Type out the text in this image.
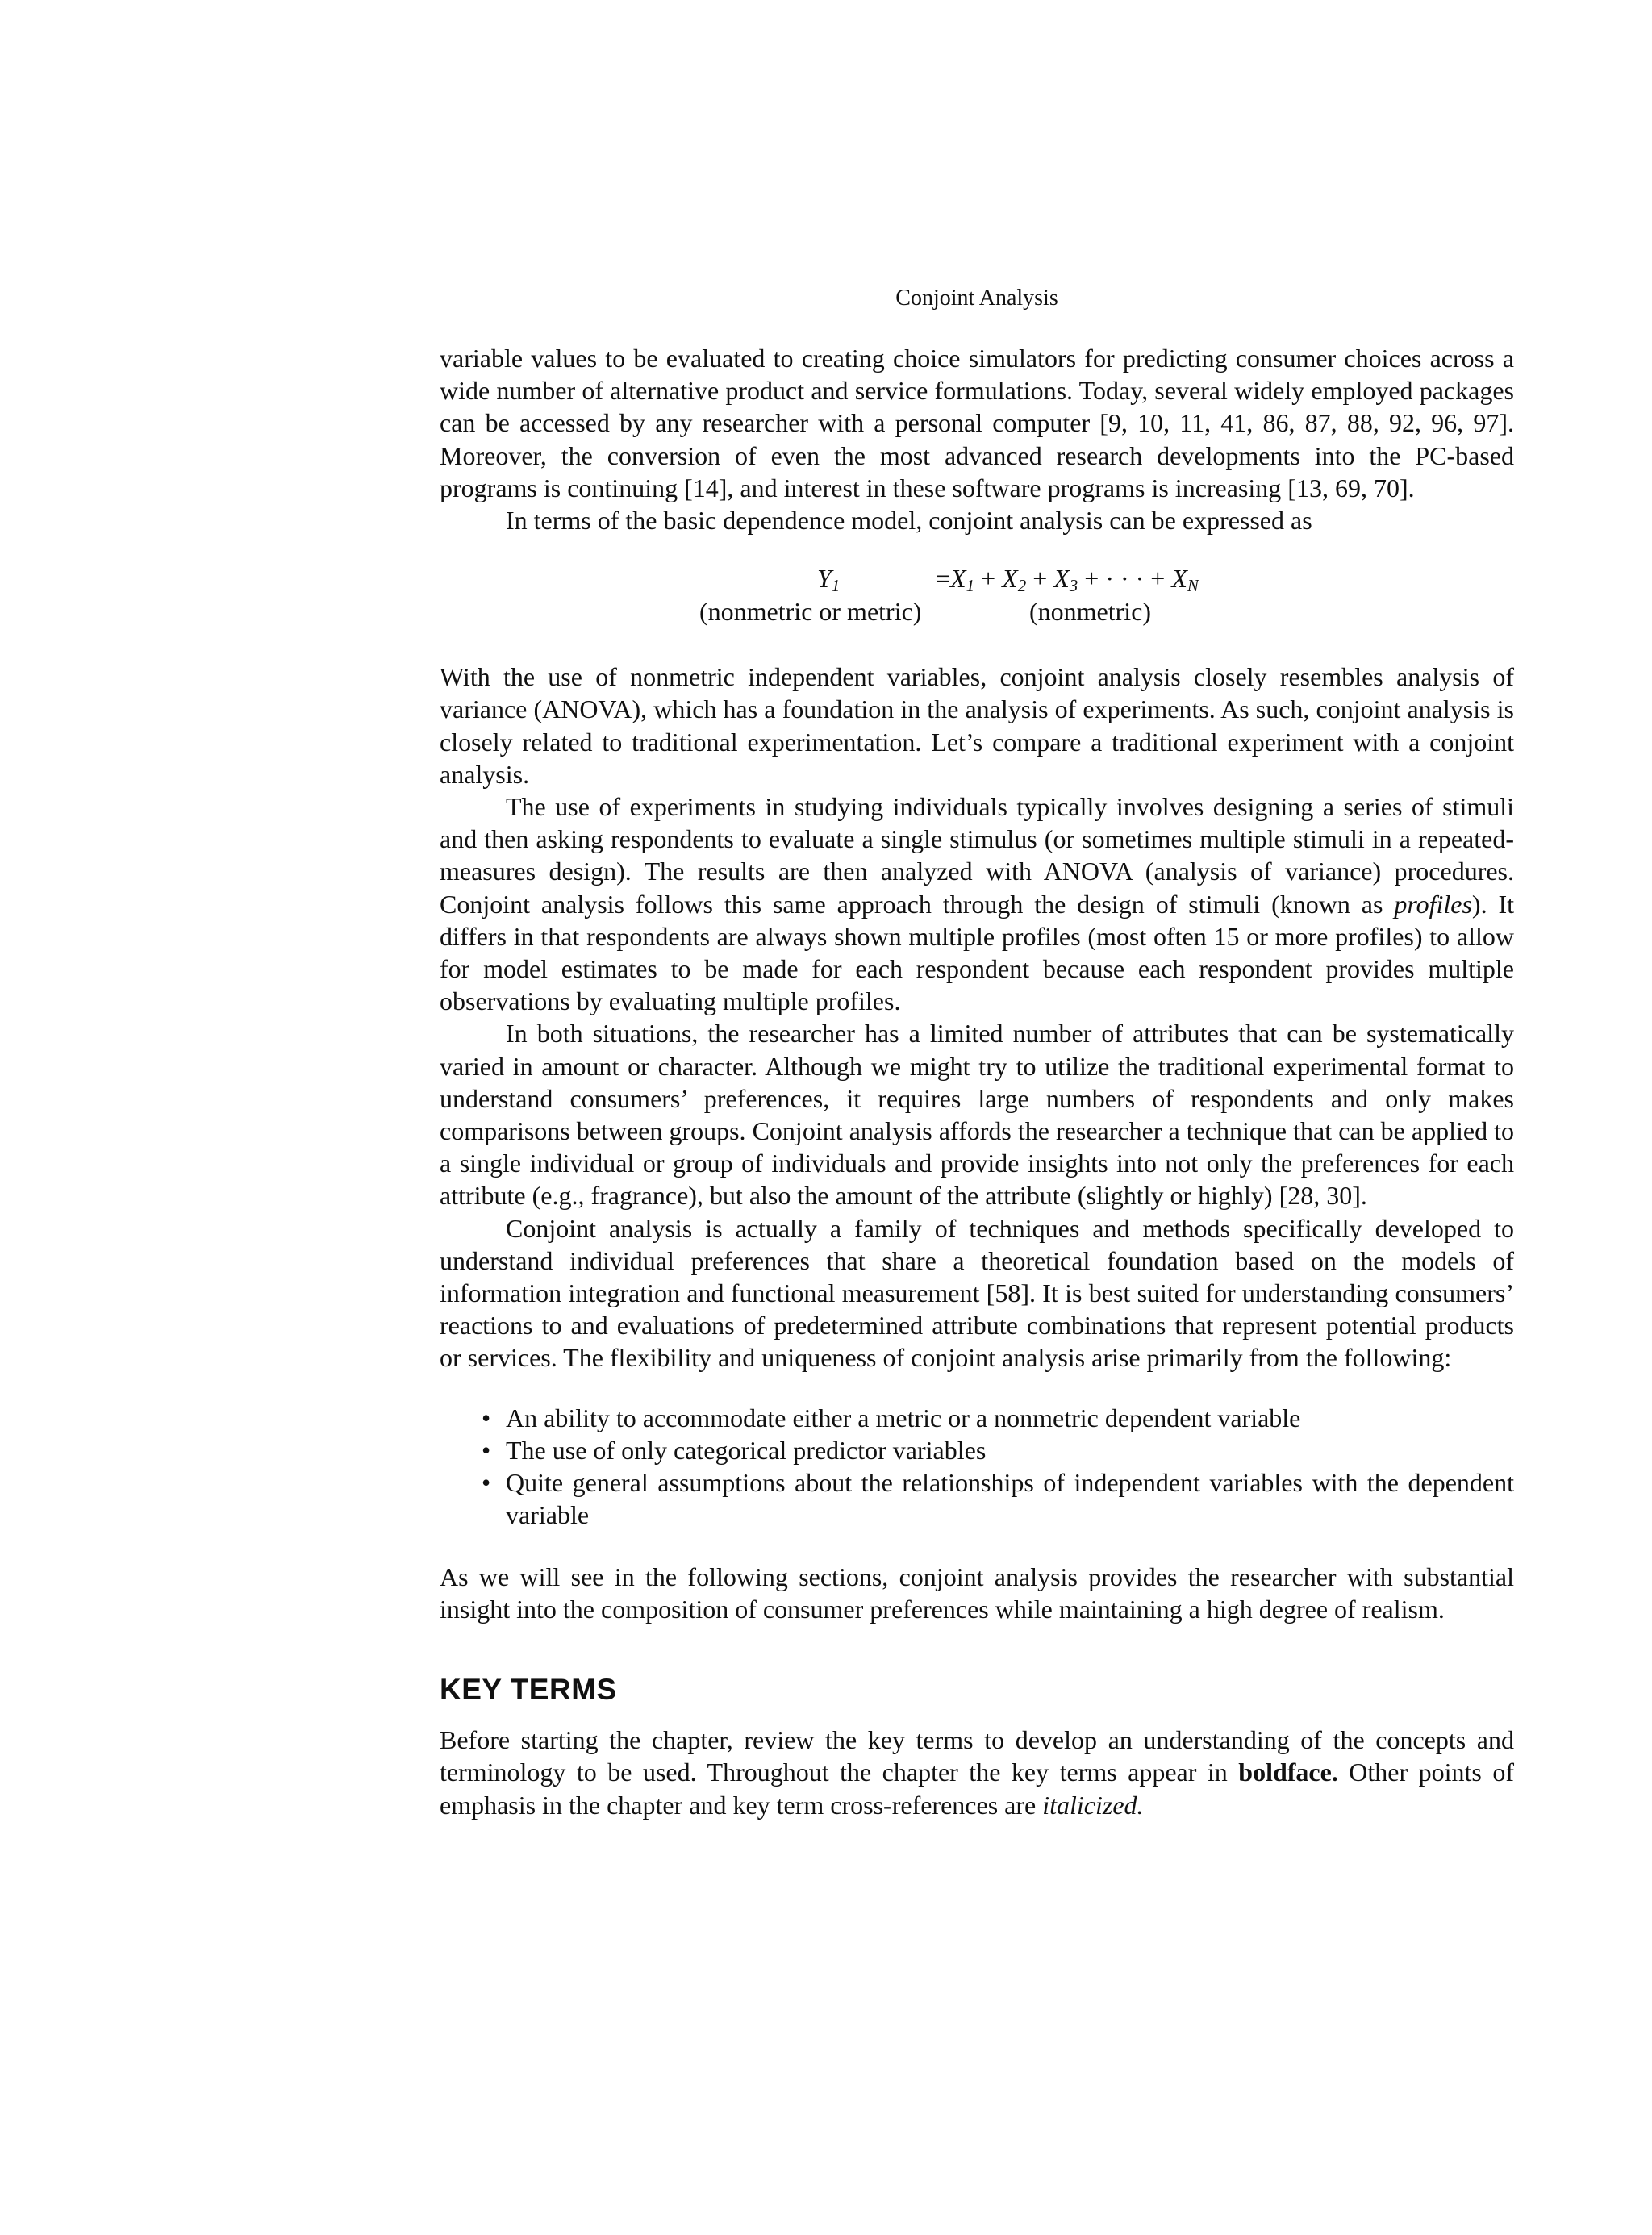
Conjoint Analysis

variable values to be evaluated to creating choice simulators for predicting consumer choices across a wide number of alternative product and service formulations. Today, several widely employed packages can be accessed by any researcher with a personal computer [9, 10, 11, 41, 86, 87, 88, 92, 96, 97]. Moreover, the conversion of even the most advanced research developments into the PC-based programs is continuing [14], and interest in these software programs is increasing [13, 69, 70].

In terms of the basic dependence model, conjoint analysis can be expressed as

$Y_1$	$=X_1 + X_2 + X_3$ + · · · + $X_N$
(nonmetric or metric)	(nonmetric)

With the use of nonmetric independent variables, conjoint analysis closely resembles analysis of variance (ANOVA), which has a foundation in the analysis of experiments. As such, conjoint analysis is closely related to traditional experimentation. Let’s compare a traditional experiment with a conjoint analysis.

The use of experiments in studying individuals typically involves designing a series of stimuli and then asking respondents to evaluate a single stimulus (or sometimes multiple stimuli in a repeated-measures design). The results are then analyzed with ANOVA (analysis of variance) procedures. Conjoint analysis follows this same approach through the design of stimuli (known as profiles). It differs in that respondents are always shown multiple profiles (most often 15 or more profiles) to allow for model estimates to be made for each respondent because each respondent provides multiple observations by evaluating multiple profiles.

In both situations, the researcher has a limited number of attributes that can be systematically varied in amount or character. Although we might try to utilize the traditional experimental format to understand consumers’ preferences, it requires large numbers of respondents and only makes comparisons between groups. Conjoint analysis affords the researcher a technique that can be applied to a single individual or group of individuals and provide insights into not only the preferences for each attribute (e.g., fragrance), but also the amount of the attribute (slightly or highly) [28, 30].

Conjoint analysis is actually a family of techniques and methods specifically developed to understand individual preferences that share a theoretical foundation based on the models of information integration and functional measurement [58]. It is best suited for understanding consumers’ reactions to and evaluations of predetermined attribute combinations that represent potential products or services. The flexibility and uniqueness of conjoint analysis arise primarily from the following:

• An ability to accommodate either a metric or a nonmetric dependent variable
• The use of only categorical predictor variables
• Quite general assumptions about the relationships of independent variables with the dependent variable

As we will see in the following sections, conjoint analysis provides the researcher with substantial insight into the composition of consumer preferences while maintaining a high degree of realism.

KEY TERMS

Before starting the chapter, review the key terms to develop an understanding of the concepts and terminology to be used. Throughout the chapter the key terms appear in boldface. Other points of emphasis in the chapter and key term cross-references are italicized.
